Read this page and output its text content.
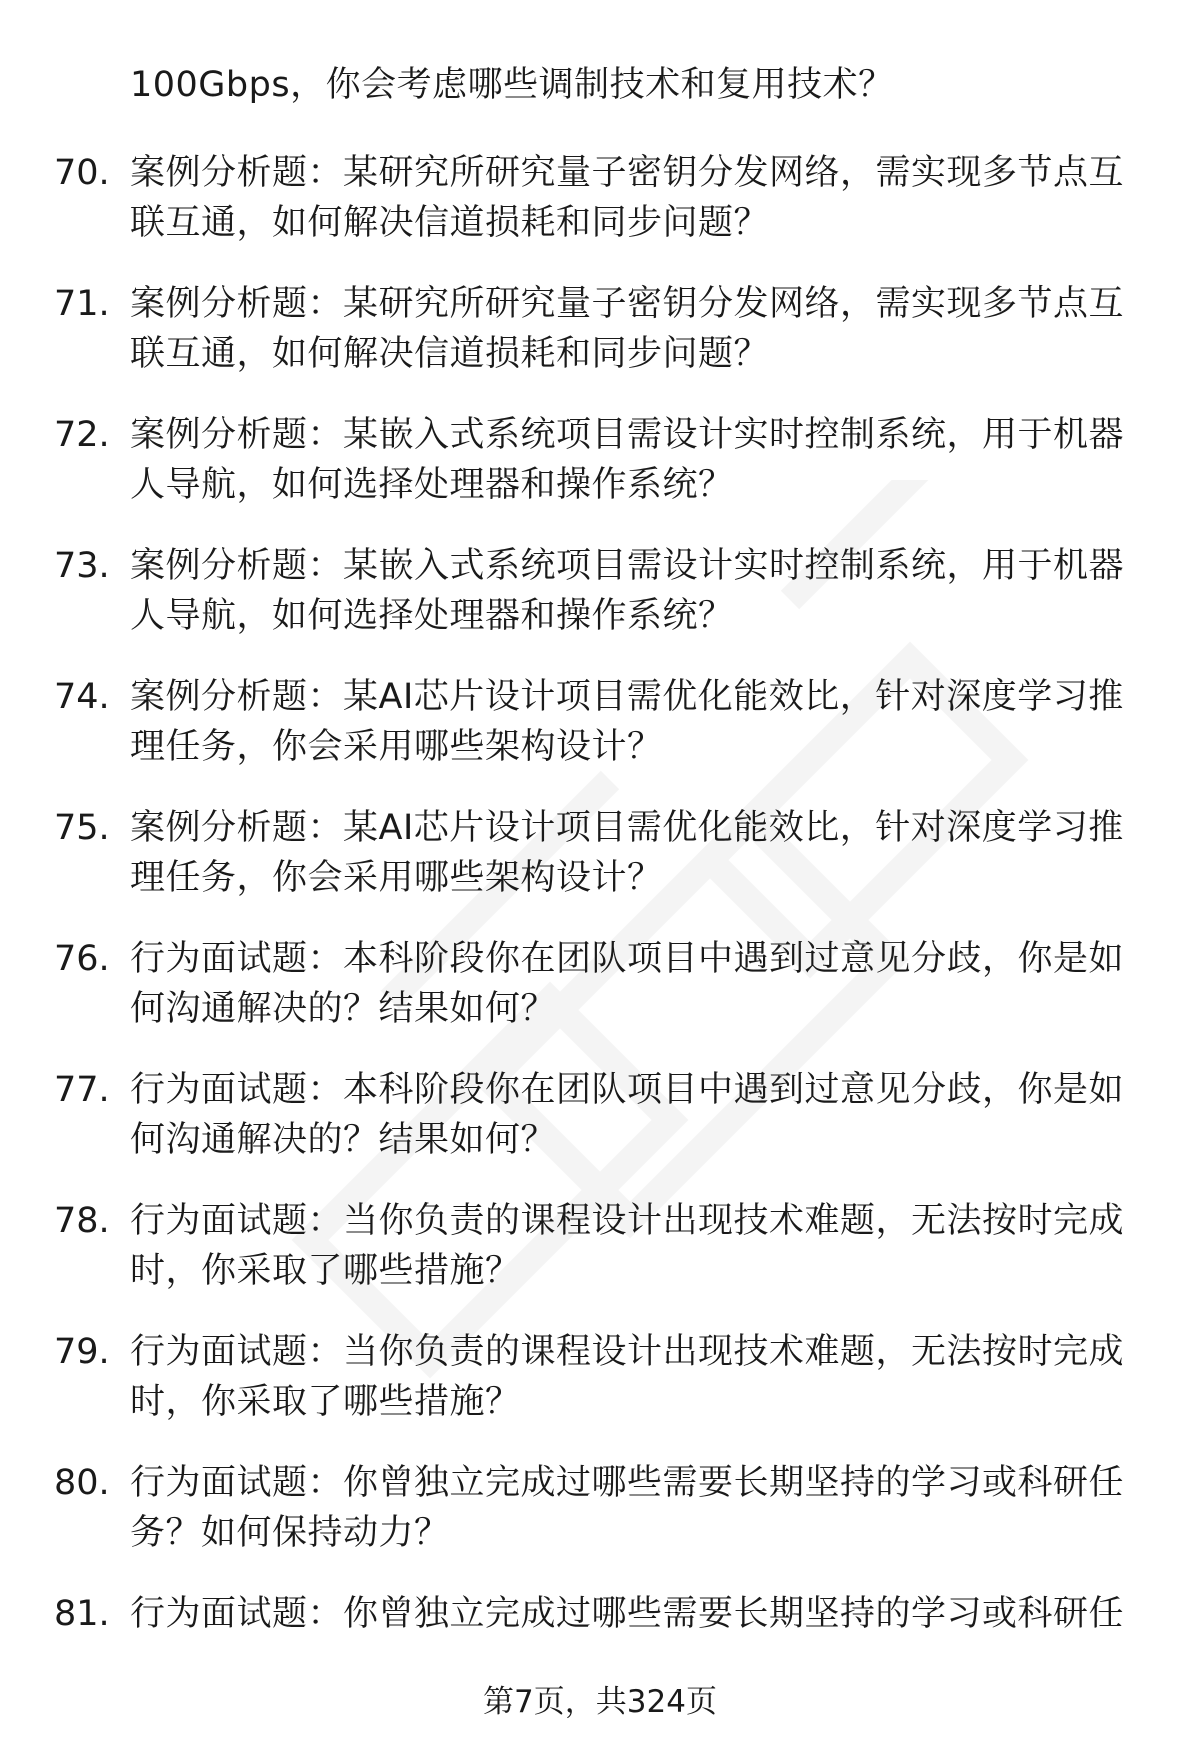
100Gbps，你会考虑哪些调制技术和复用技术？
70. 案例分析题：某研究所研究量子密钥分发网络，需实现多节点互联互通，如何解决信道损耗和同步问题？
71. 案例分析题：某研究所研究量子密钥分发网络，需实现多节点互联互通，如何解决信道损耗和同步问题？
72. 案例分析题：某嵌入式系统项目需设计实时控制系统，用于机器人导航，如何选择处理器和操作系统？
73. 案例分析题：某嵌入式系统项目需设计实时控制系统，用于机器人导航，如何选择处理器和操作系统？
74. 案例分析题：某AI芯片设计项目需优化能效比，针对深度学习推理任务，你会采用哪些架构设计？
75. 案例分析题：某AI芯片设计项目需优化能效比，针对深度学习推理任务，你会采用哪些架构设计？
76. 行为面试题：本科阶段你在团队项目中遇到过意见分歧，你是如何沟通解决的？结果如何？
77. 行为面试题：本科阶段你在团队项目中遇到过意见分歧，你是如何沟通解决的？结果如何？
78. 行为面试题：当你负责的课程设计出现技术难题，无法按时完成时，你采取了哪些措施？
79. 行为面试题：当你负责的课程设计出现技术难题，无法按时完成时，你采取了哪些措施？
80. 行为面试题：你曾独立完成过哪些需要长期坚持的学习或科研任务？如何保持动力？
81. 行为面试题：你曾独立完成过哪些需要长期坚持的学习或科研任
第7页，共324页
